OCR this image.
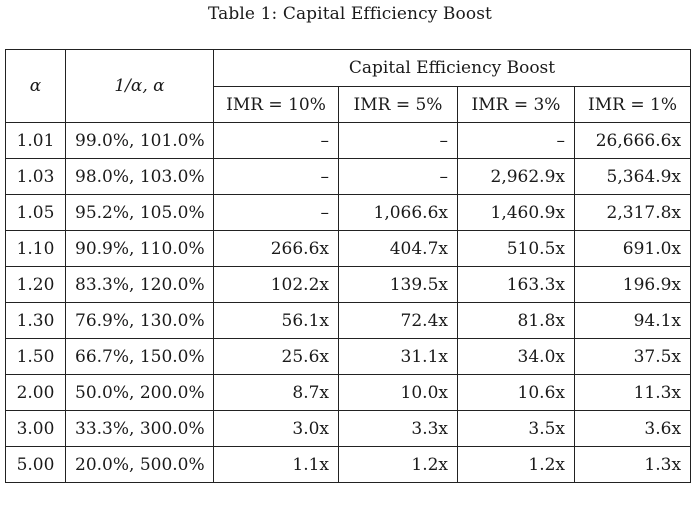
Table 1: Capital Efficiency Boost
α	1/α, α	Capital Efficiency Boost			
		IMR = 10%	IMR = 5%	IMR = 3%	IMR = 1%
1.01	99.0%, 101.0%	–	–	–	26,666.6x
1.03	98.0%, 103.0%	–	–	2,962.9x	5,364.9x
1.05	95.2%, 105.0%	–	1,066.6x	1,460.9x	2,317.8x
1.10	90.9%, 110.0%	266.6x	404.7x	510.5x	691.0x
1.20	83.3%, 120.0%	102.2x	139.5x	163.3x	196.9x
1.30	76.9%, 130.0%	56.1x	72.4x	81.8x	94.1x
1.50	66.7%, 150.0%	25.6x	31.1x	34.0x	37.5x
2.00	50.0%, 200.0%	8.7x	10.0x	10.6x	11.3x
3.00	33.3%, 300.0%	3.0x	3.3x	3.5x	3.6x
5.00	20.0%, 500.0%	1.1x	1.2x	1.2x	1.3x
